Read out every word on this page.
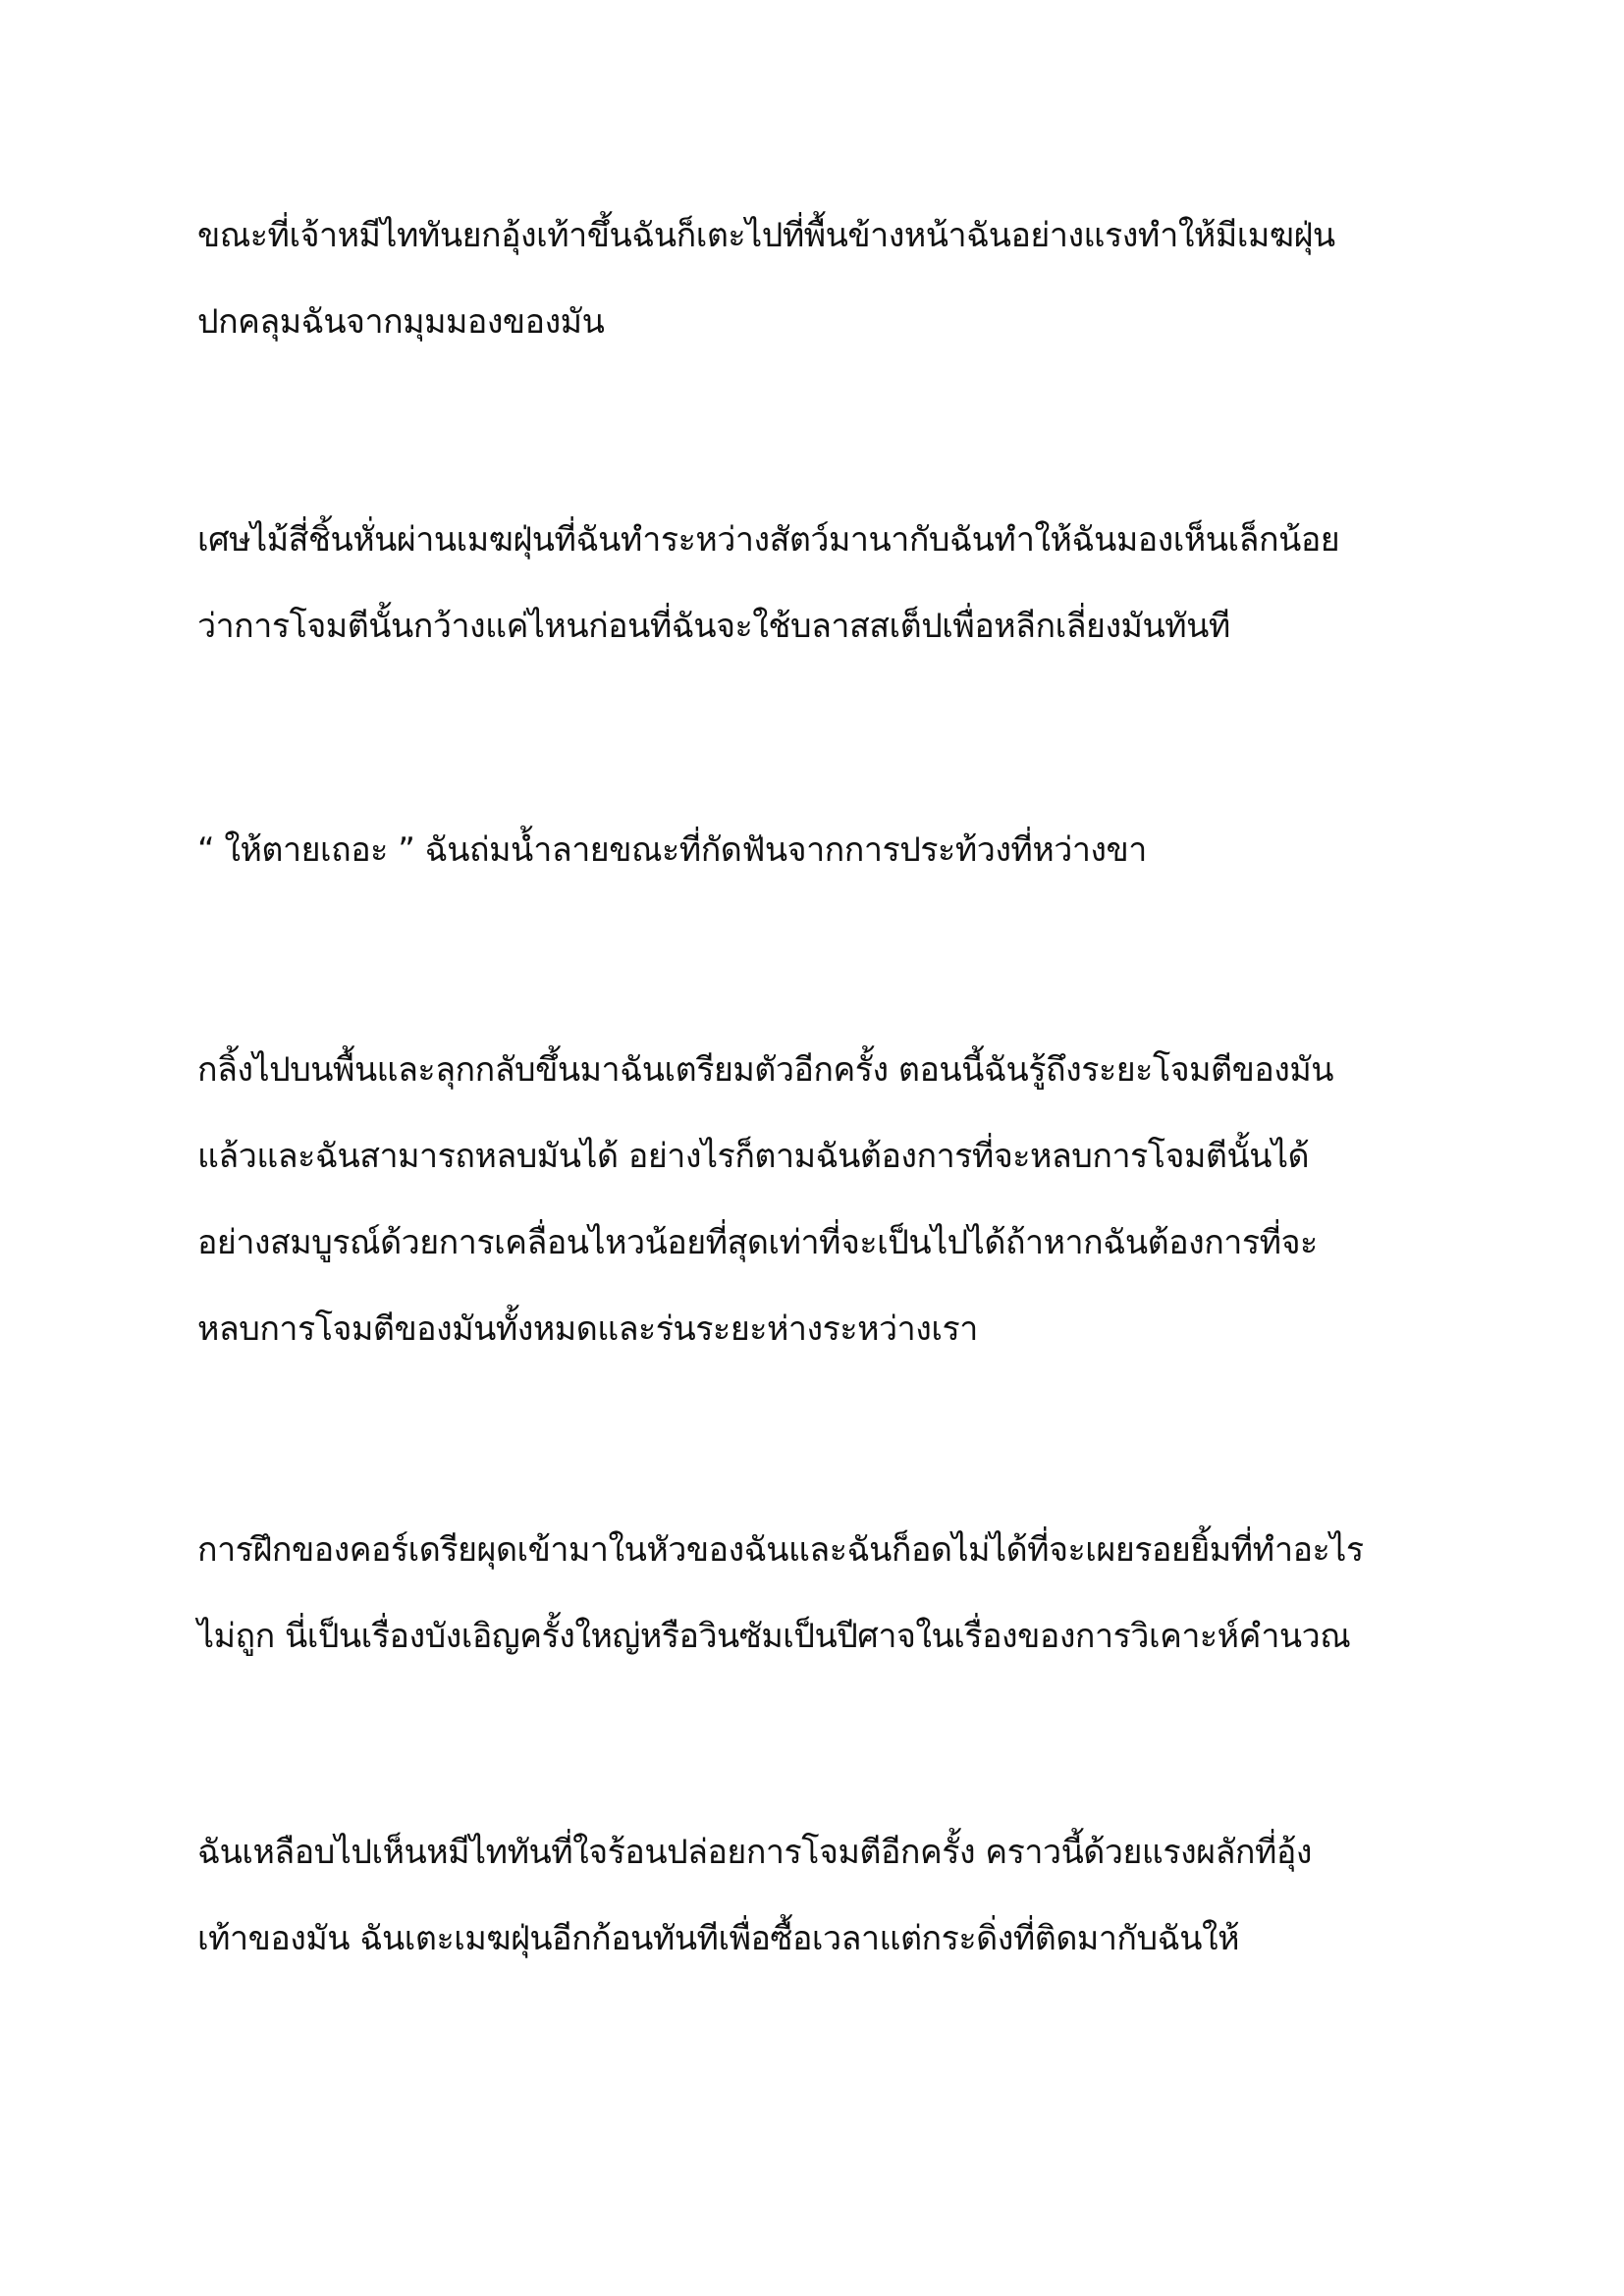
ขณะที่เจ้าหมีไททันยกอุ้งเท้าขึ้นฉันก็เตะไปที่พื้นข้างหน้าฉันอย่างแรงทำให้มีเมฆฝุ่น
ปกคลุมฉันจากมุมมองของมัน
เศษไม้สี่ชิ้นหั่นผ่านเมฆฝุ่นที่ฉันทำระหว่างสัตว์มานากับฉันทำให้ฉันมองเห็นเล็กน้อย
ว่าการโจมตีนั้นกว้างแค่ไหนก่อนที่ฉันจะใช้บลาสสเต็ปเพื่อหลีกเลี่ยงมันทันที
“ ให้ตายเถอะ ” ฉันถ่มน้ำลายขณะที่กัดฟันจากการประท้วงที่หว่างขา
กลิ้งไปบนพื้นและลุกกลับขึ้นมาฉันเตรียมตัวอีกครั้ง ตอนนี้ฉันรู้ถึงระยะโจมตีของมัน
แล้วและฉันสามารถหลบมันได้ อย่างไรก็ตามฉันต้องการที่จะหลบการโจมตีนั้นได้
อย่างสมบูรณ์ด้วยการเคลื่อนไหวน้อยที่สุดเท่าที่จะเป็นไปได้ถ้าหากฉันต้องการที่จะ
หลบการโจมตีของมันทั้งหมดและร่นระยะห่างระหว่างเรา
การฝึกของคอร์เดรียผุดเข้ามาในหัวของฉันและฉันก็อดไม่ได้ที่จะเผยรอยยิ้มที่ทำอะไร
ไม่ถูก นี่เป็นเรื่องบังเอิญครั้งใหญ่หรือวินซัมเป็นปีศาจในเรื่องของการวิเคาะห์คำนวณ
ฉันเหลือบไปเห็นหมีไททันที่ใจร้อนปล่อยการโจมตีอีกครั้ง คราวนี้ด้วยแรงผลักที่อุ้ง
เท้าของมัน ฉันเตะเมฆฝุ่นอีกก้อนทันทีเพื่อซื้อเวลาแต่กระดิ่งที่ติดมากับฉันให้
